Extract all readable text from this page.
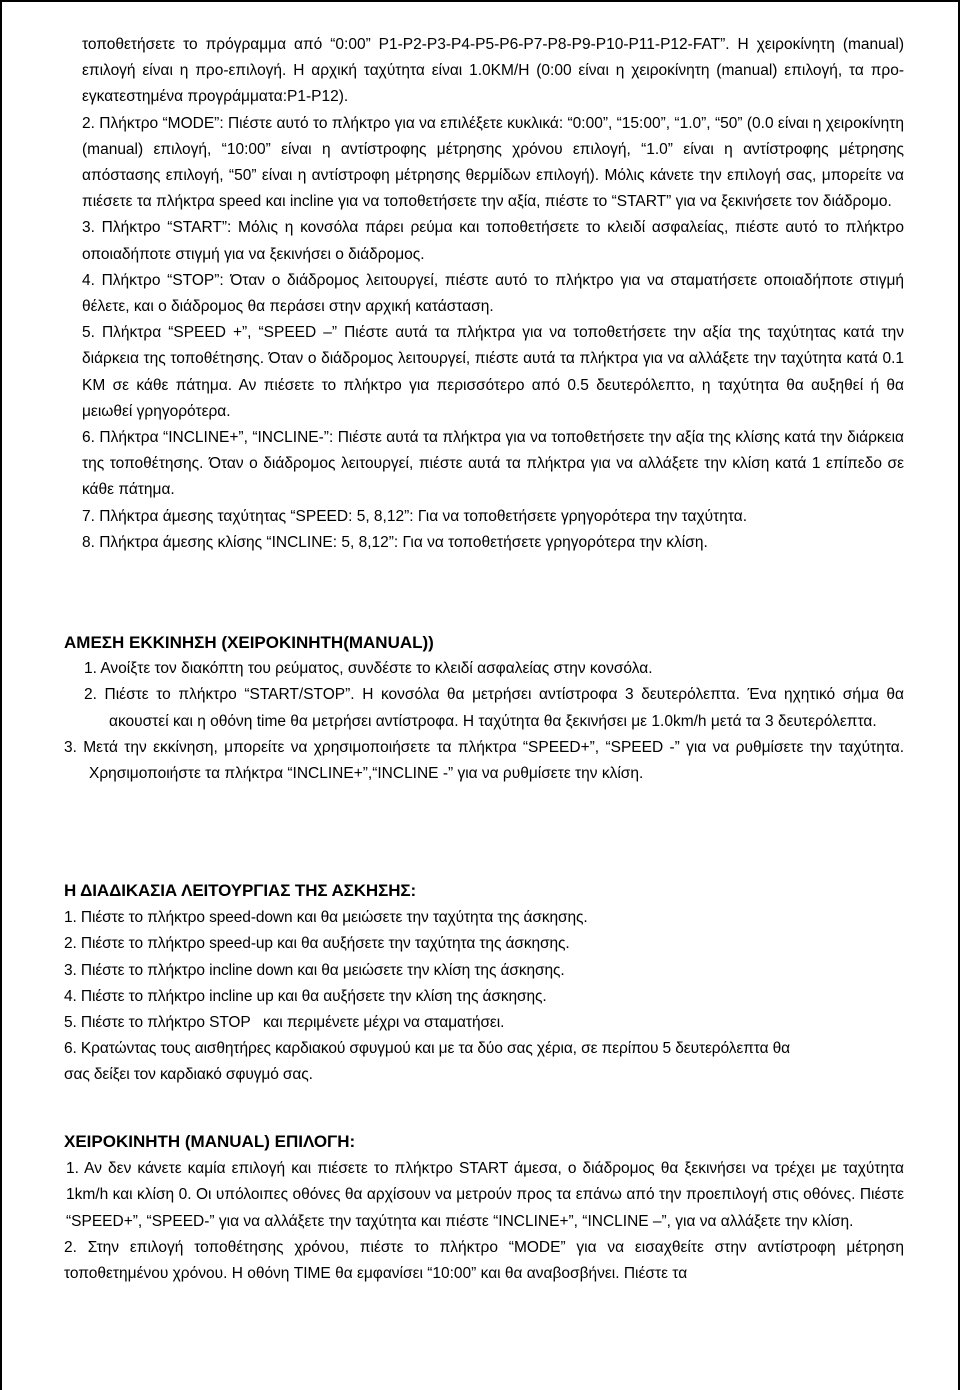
τοποθετήσετε το πρόγραμμα από “0:00” P1-P2-P3-P4-P5-P6-P7-P8-P9-P10-P11-P12-FAT”. Η χειροκίνητη (manual) επιλογή είναι η προ-επιλογή. Η αρχική ταχύτητα είναι 1.0KM/H (0:00 είναι η χειροκίνητη (manual) επιλογή, τα προ-εγκατεστημένα προγράμματα:P1-P12).

2. Πλήκτρο “MODE”: Πιέστε αυτό το πλήκτρο για να επιλέξετε κυκλικά: “0:00”, “15:00”, “1.0”, “50” (0.0 είναι η χειροκίνητη (manual) επιλογή, “10:00” είναι η αντίστροφης μέτρησης χρόνου επιλογή, “1.0” είναι η αντίστροφης μέτρησης απόστασης επιλογή, “50” είναι η αντίστροφη μέτρησης θερμίδων επιλογή). Μόλις κάνετε την επιλογή σας, μπορείτε να πιέσετε τα πλήκτρα speed και incline για να τοποθετήσετε την αξία, πιέστε το “START” για να ξεκινήσετε τον διάδρομο.

3. Πλήκτρο “START”: Μόλις η κονσόλα πάρει ρεύμα και τοποθετήσετε το κλειδί ασφαλείας, πιέστε αυτό το πλήκτρο οποιαδήποτε στιγμή για να ξεκινήσει ο διάδρομος.

4. Πλήκτρο “STOP”: Όταν ο διάδρομος λειτουργεί, πιέστε αυτό το πλήκτρο για να σταματήσετε οποιαδήποτε στιγμή θέλετε, και ο διάδρομος θα περάσει στην αρχική κατάσταση.

5. Πλήκτρα “SPEED +”, “SPEED –” Πιέστε αυτά τα πλήκτρα για να τοποθετήσετε την αξία της ταχύτητας κατά την διάρκεια της τοποθέτησης. Όταν ο διάδρομος λειτουργεί, πιέστε αυτά τα πλήκτρα για να αλλάξετε την ταχύτητα κατά 0.1 KM σε κάθε πάτημα. Αν πιέσετε το πλήκτρο για περισσότερο από 0.5 δευτερόλεπτο, η ταχύτητα θα αυξηθεί ή θα μειωθεί γρηγορότερα.

6. Πλήκτρα “INCLINE+”, “INCLINE-”: Πιέστε αυτά τα πλήκτρα για να τοποθετήσετε την αξία της κλίσης κατά την διάρκεια της τοποθέτησης. Όταν ο διάδρομος λειτουργεί, πιέστε αυτά τα πλήκτρα για να αλλάξετε την κλίση κατά 1 επίπεδο σε κάθε πάτημα.

7. Πλήκτρα άμεσης ταχύτητας “SPEED: 5, 8,12”: Για να τοποθετήσετε γρηγορότερα την ταχύτητα.

8. Πλήκτρα άμεσης κλίσης “INCLINE: 5, 8,12”: Για να τοποθετήσετε γρηγορότερα την κλίση.

ΑΜΕΣΗ ΕΚΚΙΝΗΣΗ (ΧΕΙΡΟΚΙΝΗΤΗ(MANUAL))

1. Ανοίξτε τον διακόπτη του ρεύματος, συνδέστε το κλειδί ασφαλείας στην κονσόλα.

2. Πιέστε το πλήκτρο “START/STOP”. Η κονσόλα θα μετρήσει αντίστροφα 3 δευτερόλεπτα. Ένα ηχητικό σήμα θα ακουστεί και η οθόνη time θα μετρήσει αντίστροφα. Η ταχύτητα θα ξεκινήσει με 1.0km/h μετά τα 3 δευτερόλεπτα.

3. Μετά την εκκίνηση, μπορείτε να χρησιμοποιήσετε τα πλήκτρα “SPEED+”, “SPEED -” για να ρυθμίσετε την ταχύτητα. Χρησιμοποιήστε τα πλήκτρα “INCLINE+”,“INCLINE -” για να ρυθμίσετε την κλίση.

Η ΔΙΑΔΙΚΑΣΙΑ ΛΕΙΤΟΥΡΓΙΑΣ ΤΗΣ ΑΣΚΗΣΗΣ:

1. Πιέστε το πλήκτρο speed-down και θα μειώσετε την ταχύτητα της άσκησης.

2. Πιέστε το πλήκτρο speed-up και θα αυξήσετε την ταχύτητα της άσκησης.

3. Πιέστε το πλήκτρο incline down και θα μειώσετε την κλίση της άσκησης.

4. Πιέστε το πλήκτρο incline up και θα αυξήσετε την κλίση της άσκησης.

5. Πιέστε το πλήκτρο STOP   και περιμένετε μέχρι να σταματήσει.

6. Κρατώντας τους αισθητήρες καρδιακού σφυγμού και με τα δύο σας χέρια, σε περίπου 5 δευτερόλεπτα θα σας δείξει τον καρδιακό σφυγμό σας.

ΧΕΙΡΟΚΙΝΗΤΗ (MANUAL) ΕΠΙΛΟΓΗ:

1. Αν δεν κάνετε καμία επιλογή και πιέσετε το πλήκτρο START άμεσα, ο διάδρομος θα ξεκινήσει να τρέχει με ταχύτητα 1km/h και κλίση 0. Οι υπόλοιπες οθόνες θα αρχίσουν να μετρούν προς τα επάνω από την προεπιλογή στις οθόνες. Πιέστε “SPEED+”, “SPEED-” για να αλλάξετε την ταχύτητα και πιέστε “INCLINE+”, “INCLINE –”, για να αλλάξετε την κλίση.

2. Στην επιλογή τοποθέτησης χρόνου, πιέστε το πλήκτρο “MODE” για να εισαχθείτε στην αντίστροφη μέτρηση τοποθετημένου χρόνου. Η οθόνη TIME θα εμφανίσει “10:00” και θα αναβοσβήνει. Πιέστε τα
